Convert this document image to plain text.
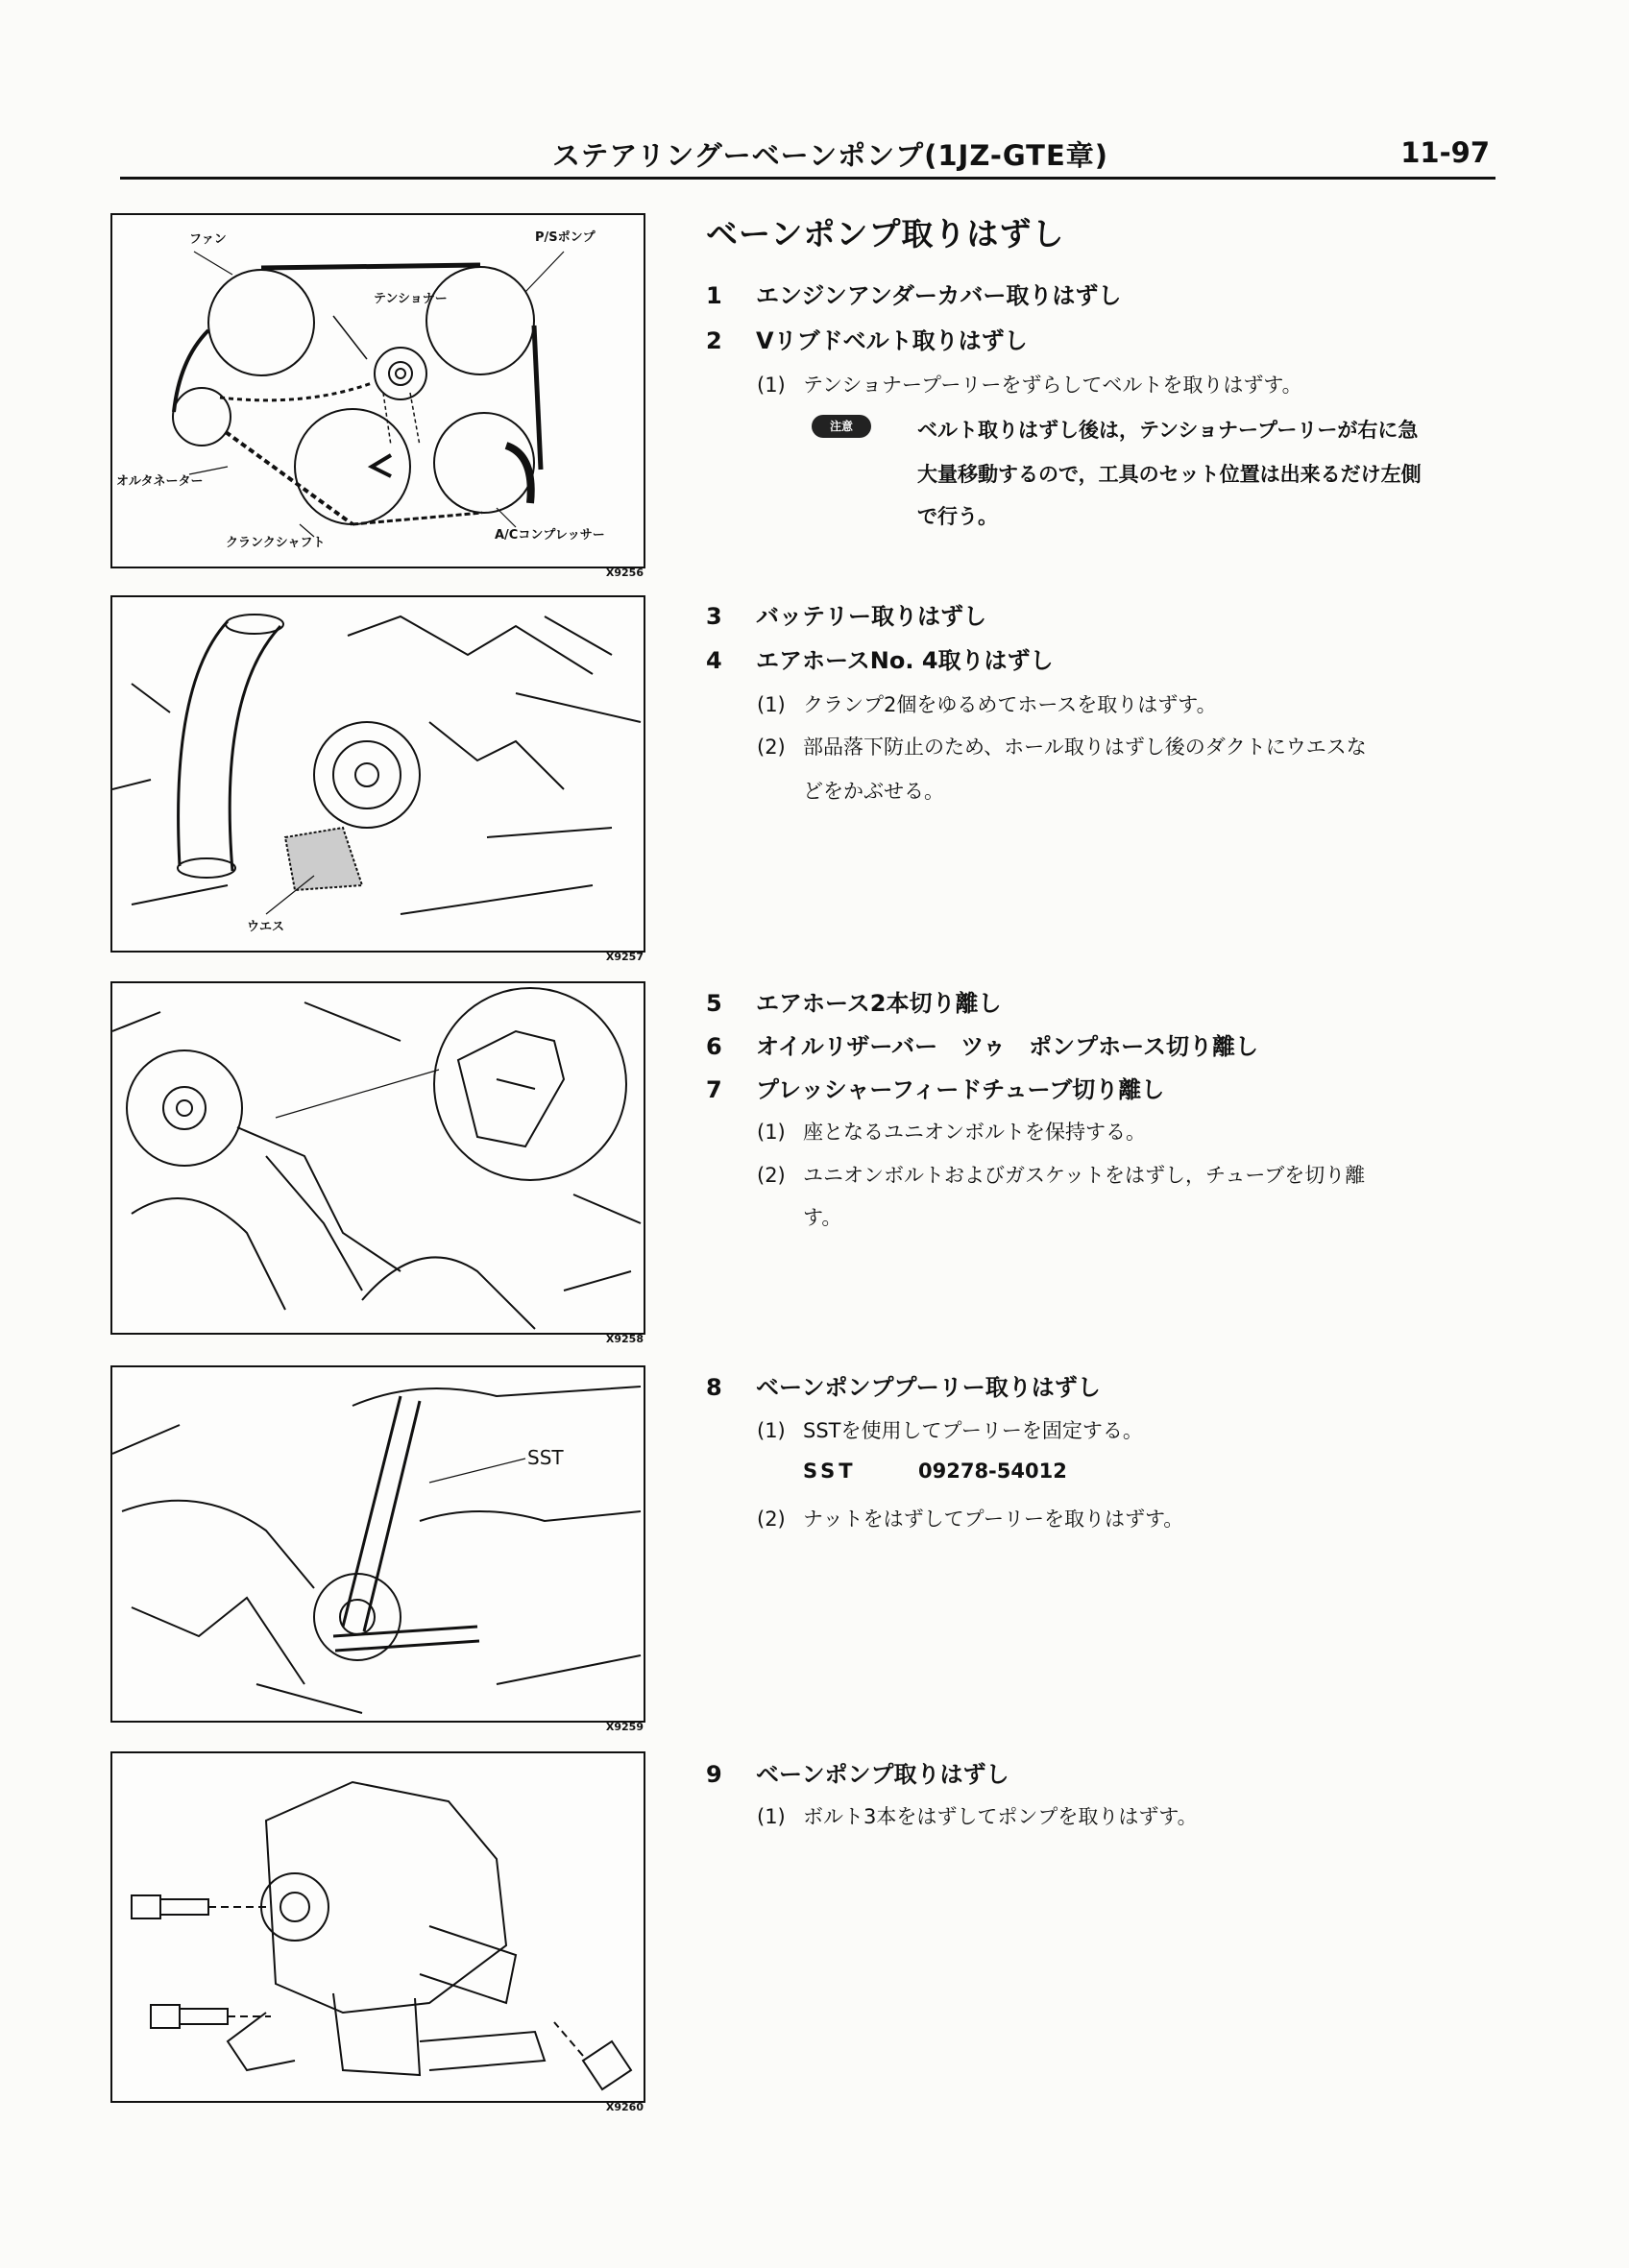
ステアリングーベーンポンプ(1JZ-GTE章)	11-97
ファン	P/Sポンプ
テンショナー
オルタネーター
クランクシャフト
A/Cコンプレッサー
X9256
ウエス
X9257
X9258
SST
X9259
X9260
ベーンポンプ取りはずし
1 エンジンアンダーカバー取りはずし
2 Vリブドベルト取りはずし
(1) テンショナープーリーをずらしてベルトを取りはずす。
注意	ベルト取りはずし後は，テンショナープーリーが右に急
大量移動するので，工具のセット位置は出来るだけ左側
で行う。
3 バッテリー取りはずし
4 エアホースNo. 4取りはずし
(1) クランプ2個をゆるめてホースを取りはずす。
(2) 部品落下防止のため、ホール取りはずし後のダクトにウエスな
どをかぶせる。
5 エアホース2本切り離し
6 オイルリザーバー　ツゥ　ポンプホース切り離し
7 プレッシャーフィードチューブ切り離し
(1) 座となるユニオンボルトを保持する。
(2) ユニオンボルトおよびガスケットをはずし，チューブを切り離
す。
8 ベーンポンププーリー取りはずし
(1) SSTを使用してプーリーを固定する。
SST	09278-54012
(2) ナットをはずしてプーリーを取りはずす。
9 ベーンポンプ取りはずし
(1) ボルト3本をはずしてポンプを取りはずす。
